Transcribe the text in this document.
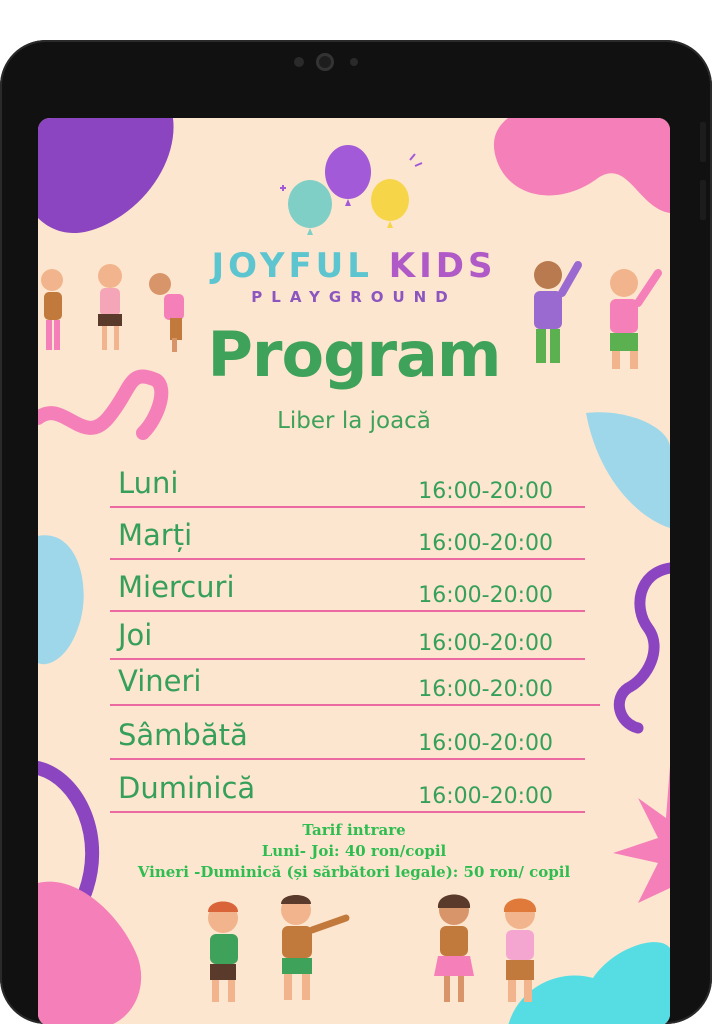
JOYFUL KIDS
PLAYGROUND
Program
Liber la joacă
Luni	16:00-20:00
Marți	16:00-20:00
Miercuri	16:00-20:00
Joi	16:00-20:00
Vineri	16:00-20:00
Sâmbătă	16:00-20:00
Duminică	16:00-20:00
Tarif intrare
Luni- Joi: 40 ron/copil
Vineri -Duminică (și sărbători legale): 50 ron/ copil
